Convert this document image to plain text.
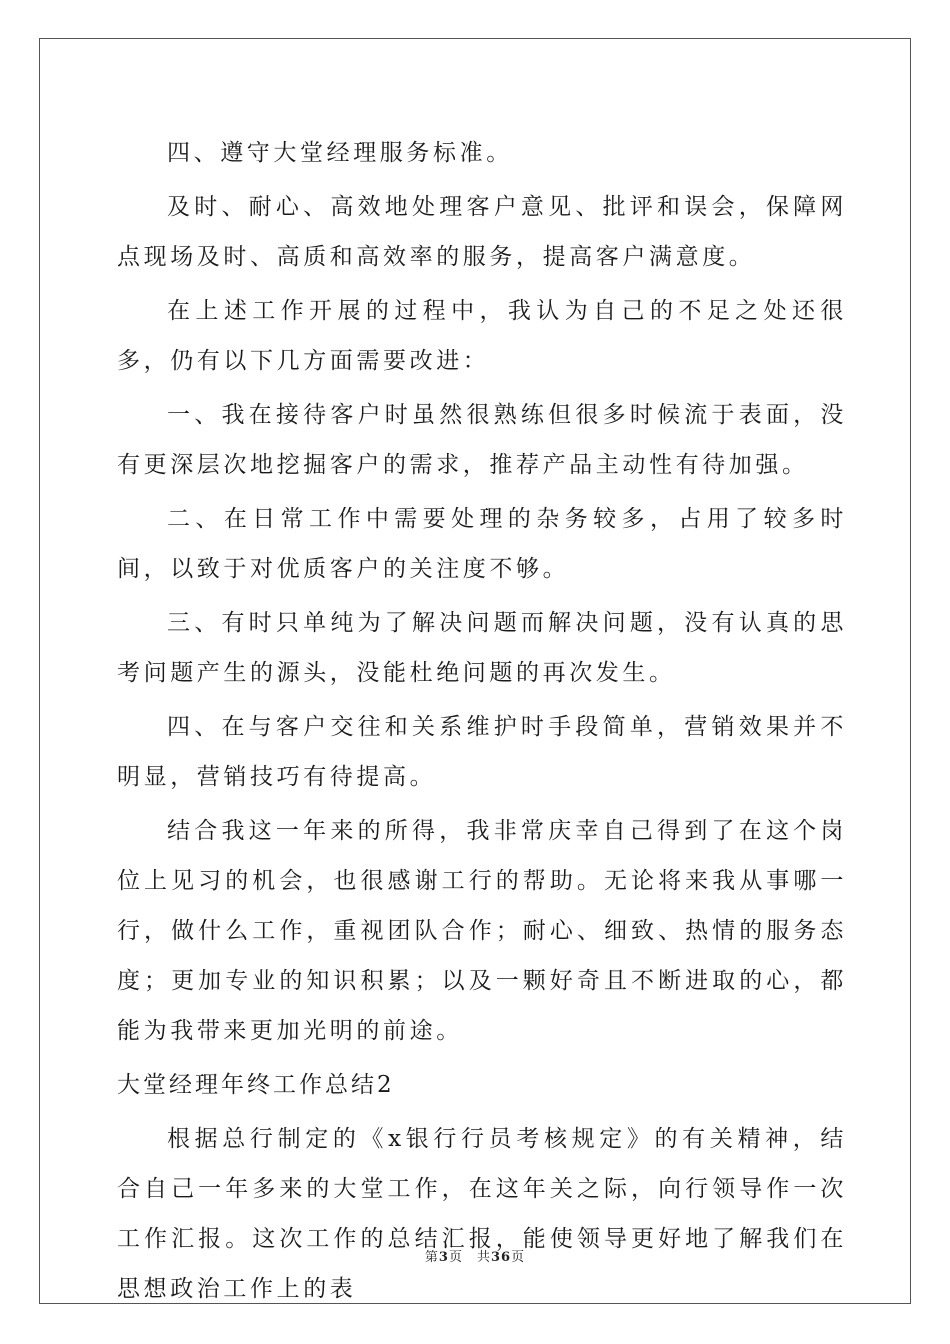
四、遵守大堂经理服务标准。

及时、耐心、高效地处理客户意见、批评和误会，保障网点现场及时、高质和高效率的服务，提高客户满意度。

在上述工作开展的过程中，我认为自己的不足之处还很多，仍有以下几方面需要改进：

一、我在接待客户时虽然很熟练但很多时候流于表面，没有更深层次地挖掘客户的需求，推荐产品主动性有待加强。

二、在日常工作中需要处理的杂务较多，占用了较多时间，以致于对优质客户的关注度不够。

三、有时只单纯为了解决问题而解决问题，没有认真的思考问题产生的源头，没能杜绝问题的再次发生。

四、在与客户交往和关系维护时手段简单，营销效果并不明显，营销技巧有待提高。

结合我这一年来的所得，我非常庆幸自己得到了在这个岗位上见习的机会，也很感谢工行的帮助。无论将来我从事哪一行，做什么工作，重视团队合作；耐心、细致、热情的服务态度；更加专业的知识积累；以及一颗好奇且不断进取的心，都能为我带来更加光明的前途。

大堂经理年终工作总结2

根据总行制定的《x银行行员考核规定》的有关精神，结合自己一年多来的大堂工作，在这年关之际，向行领导作一次工作汇报。这次工作的总结汇报，能使领导更好地了解我们在思想政治工作上的表

第3页 共36页
